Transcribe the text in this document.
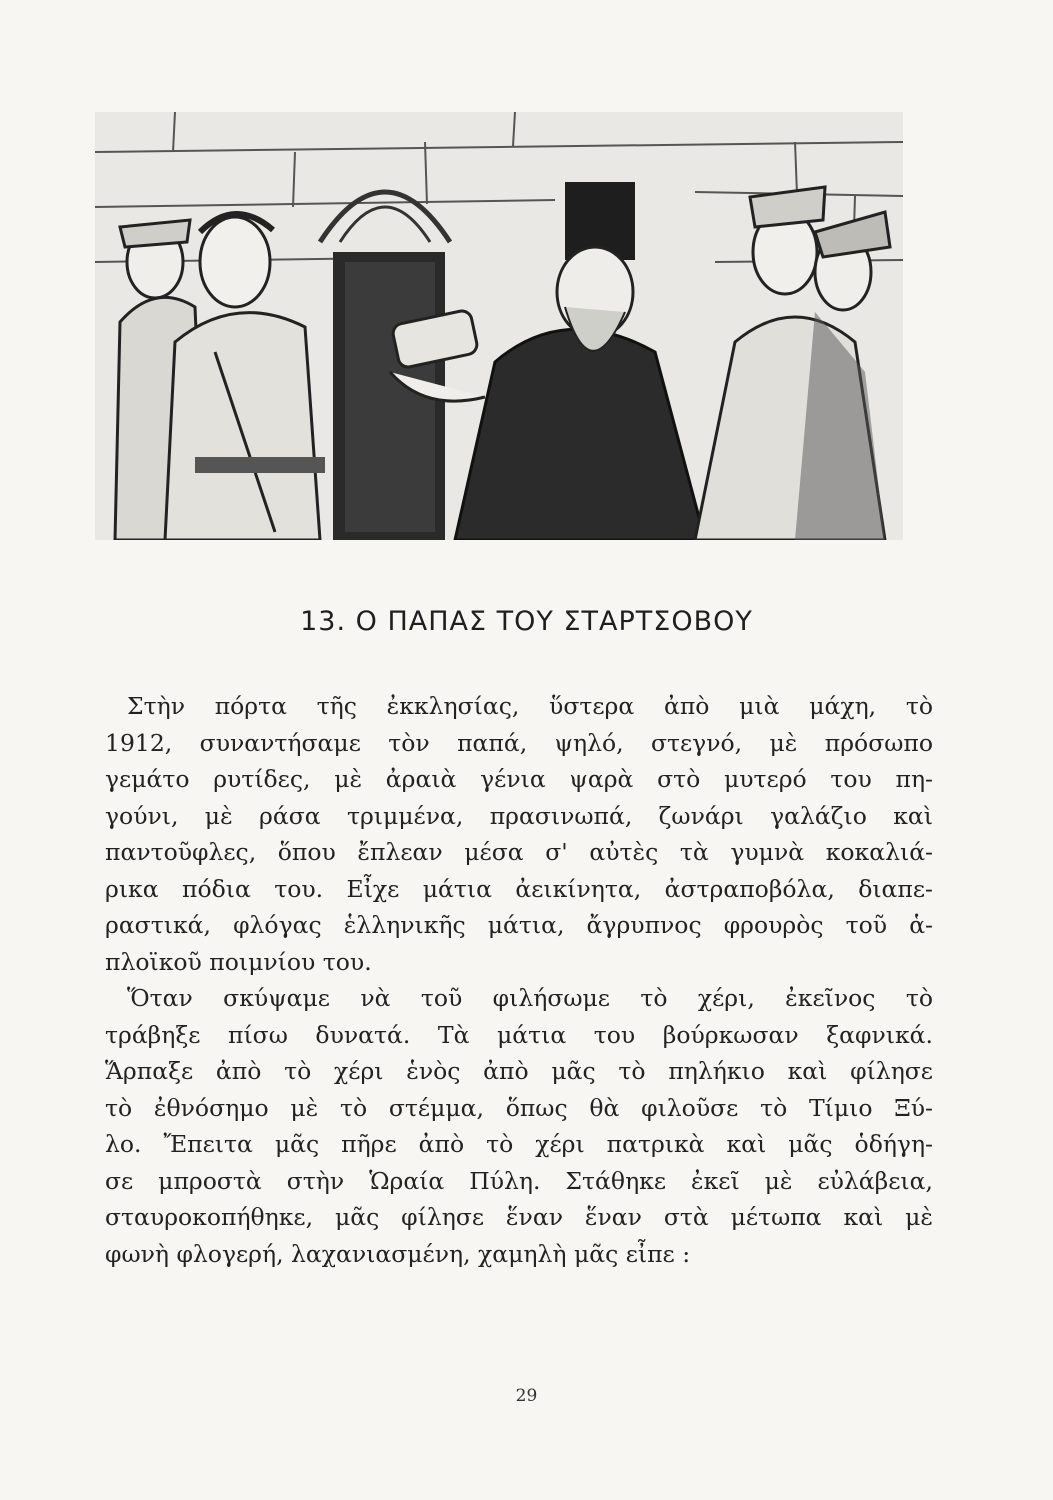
13. Ο ΠΑΠΑΣ ΤΟΥ ΣΤΑΡΤΣΟΒΟΥ
Στὴν πόρτα τῆς ἐκκλησίας, ὕστερα ἀπὸ μιὰ μάχη, τὸ
1912, συναντήσαμε τὸν παπά, ψηλό, στεγνό, μὲ πρόσωπο
γεμάτο ρυτίδες, μὲ ἀραιὰ γένια ψαρὰ στὸ μυτερό του πη-
γούνι, μὲ ράσα τριμμένα, πρασινωπά, ζωνάρι γαλάζιο καὶ
παντοῦφλες, ὅπου ἔπλεαν μέσα σ' αὐτὲς τὰ γυμνὰ κοκαλιά-
ρικα πόδια του. Εἶχε μάτια ἀεικίνητα, ἀστραποβόλα, διαπε-
ραστικά, φλόγας ἑλληνικῆς μάτια, ἄγρυπνος φρουρὸς τοῦ ἁ-
πλοϊκοῦ ποιμνίου του.
Ὅταν σκύψαμε νὰ τοῦ φιλήσωμε τὸ χέρι, ἐκεῖνος τὸ
τράβηξε πίσω δυνατά. Τὰ μάτια του βούρκωσαν ξαφνικά.
Ἅρπαξε ἀπὸ τὸ χέρι ἑνὸς ἀπὸ μᾶς τὸ πηλήκιο καὶ φίλησε
τὸ ἐθνόσημο μὲ τὸ στέμμα, ὅπως θὰ φιλοῦσε τὸ Τίμιο Ξύ-
λο. Ἔπειτα μᾶς πῆρε ἀπὸ τὸ χέρι πατρικὰ καὶ μᾶς ὁδήγη-
σε μπροστὰ στὴν Ὡραία Πύλη. Στάθηκε ἐκεῖ μὲ εὐλάβεια,
σταυροκοπήθηκε, μᾶς φίλησε ἕναν ἕναν στὰ μέτωπα καὶ μὲ
φωνὴ φλογερή, λαχανιασμένη, χαμηλὴ μᾶς εἶπε :
29
